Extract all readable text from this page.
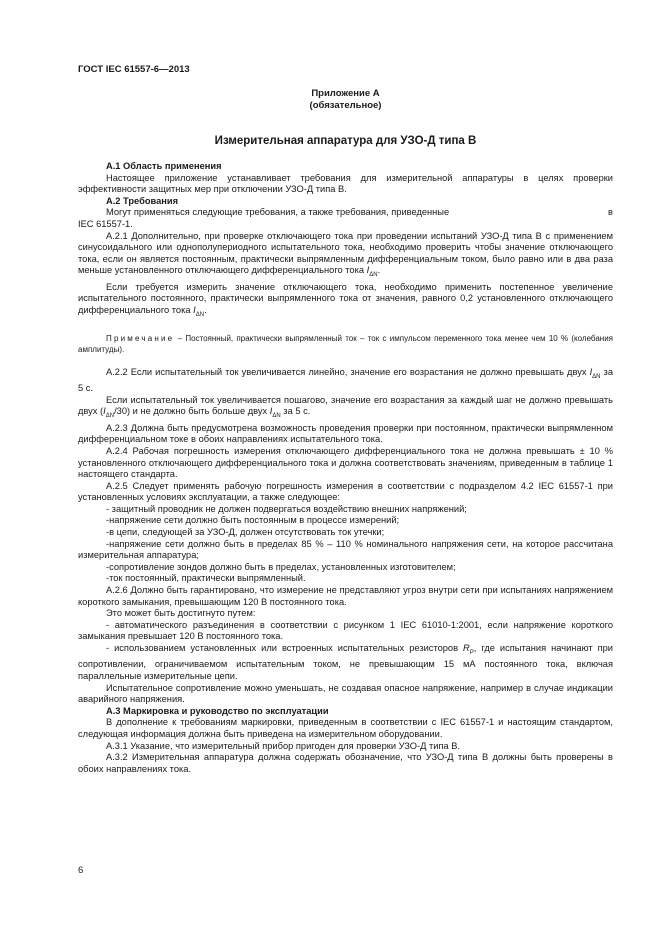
ГОСТ IEC 61557-6—2013
Приложение А
(обязательное)
Измерительная аппаратура для УЗО-Д типа В
А.1 Область применения

Настоящее приложение устанавливает требования для измерительной аппаратуры в целях проверки эффективности защитных мер при отключении УЗО-Д типа В.

А.2 Требования

Могут применяться следующие требования, а также требования, приведенные	в

IEC 61557-1.

А.2.1 Дополнительно, при проверке отключающего тока при проведении испытаний УЗО-Д типа В с применением синусоидального или однополупериодного испытательного тока, необходимо проверить чтобы значение отключающего тока, если он является постоянным, практически выпрямленным дифференциальным током, было равно или в два раза меньше установленного отключающего дифференциального тока $I_{\Delta N}$.

Если требуется измерить значение отключающего тока, необходимо применить постепенное увеличение испытательного постоянного, практически выпрямленного тока от значения, равного 0,2 установленного отключающего дифференциального тока $I_{\Delta N}$.

Примечание – Постоянный, практически выпрямленный ток – ток с импульсом переменного тока менее чем 10 % (колебания амплитуды).

А.2.2 Если испытательный ток увеличивается линейно, значение его возрастания не должно превышать двух $I_{\Delta N}$ за 5 с.

Если испытательный ток увеличивается пошагово, значение его возрастания за каждый шаг не должно превышать двух $(I_{\Delta N}/30)$ и не должно быть больше двух $I_{\Delta N}$ за 5 с.

А.2.3 Должна быть предусмотрена возможность проведения проверки при постоянном, практически выпрямленном дифференциальном токе в обоих направлениях испытательного тока.

А.2.4 Рабочая погрешность измерения отключающего дифференциального тока не должна превышать ± 10 % установленного отключающего дифференциального тока и должна соответствовать значениям, приведенным в таблице 1 настоящего стандарта.

А.2.5 Следует применять рабочую погрешность измерения в соответствии с подразделом 4.2 IEC 61557-1 при установленных условиях эксплуатации, а также следующее:

- защитный проводник не должен подвергаться воздействию внешних напряжений;

-напряжение сети должно быть постоянным в процессе измерений;

-в цепи, следующей за УЗО-Д, должен отсутствовать ток утечки;

-напряжение сети должно быть в пределах 85 % – 110 % номинального напряжения сети, на которое рассчитана измерительная аппаратура;

-сопротивление зондов должно быть в пределах, установленных изготовителем;

-ток постоянный, практически выпрямленный.

А.2.6 Должно быть гарантировано, что измерение не представляют угроз внутри сети при испытаниях напряжением короткого замыкания, превышающим 120 В постоянного тока.

Это может быть достигнуто путем:

- автоматического разъединения в соответствии с рисунком 1 IEC 61010-1:2001, если напряжение короткого замыкания превышает 120 В постоянного тока.

- использованием установленных или встроенных испытательных резисторов $R_P$, где испытания начинают при сопротивлении, ограничиваемом испытательным током, не превышающим 15 мА постоянного тока, включая параллельные измерительные цепи.

Испытательное сопротивление можно уменьшать, не создавая опасное напряжение, например в случае индикации аварийного напряжения.

А.3 Маркировка и руководство по эксплуатации

В дополнение к требованиям маркировки, приведенным в соответствии с IEC 61557-1 и настоящим стандартом, следующая информация должна быть приведена на измерительном оборудовании.

А.3.1 Указание, что измерительный прибор пригоден для проверки УЗО-Д типа В.

А.3.2 Измерительная аппаратура должна содержать обозначение, что УЗО-Д типа В должны быть проверены в обоих направлениях тока.

6
